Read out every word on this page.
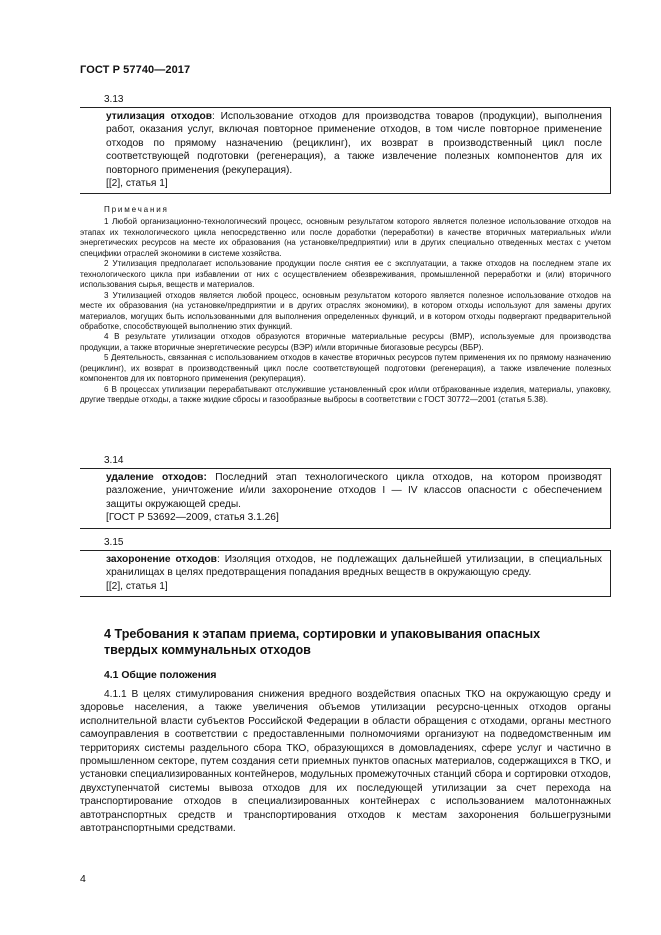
ГОСТ Р 57740—2017
3.13

утилизация отходов: Использование отходов для производства товаров (продукции), выполнения работ, оказания услуг, включая повторное применение отходов, в том числе повторное применение отходов по прямому назначению (рециклинг), их возврат в производственный цикл после соответствующей подготовки (регенерация), а также извлечение полезных компонентов для их повторного применения (рекуперация).

[[2], статья 1]

Примечания

1 Любой организационно-технологический процесс, основным результатом которого является полезное использование отходов на этапах их технологического цикла непосредственно или после доработки (переработки) в качестве вторичных материальных и/или энергетических ресурсов на месте их образования (на установке/предприятии) или в других специально отведенных местах с учетом специфики отраслей экономики в системе хозяйства.

2 Утилизация предполагает использование продукции после снятия ее с эксплуатации, а также отходов на последнем этапе их технологического цикла при избавлении от них с осуществлением обезвреживания, промышленной переработки и (или) вторичного использования сырья, веществ и материалов.

3 Утилизацией отходов является любой процесс, основным результатом которого является полезное использование отходов на месте их образования (на установке/предприятии и в других отраслях экономики), в котором отходы используют для замены других материалов, могущих быть использованными для выполнения определенных функций, и в котором отходы подвергают предварительной обработке, способствующей выполнению этих функций.

4 В результате утилизации отходов образуются вторичные материальные ресурсы (ВМР), используемые для производства продукции, а также вторичные энергетические ресурсы (ВЭР) и/или вторичные биогазовые ресурсы (ВБР).

5 Деятельность, связанная с использованием отходов в качестве вторичных ресурсов путем применения их по прямому назначению (рециклинг), их возврат в производственный цикл после соответствующей подготовки (регенерация), а также извлечение полезных компонентов для их повторного применения (рекуперация).

6 В процессах утилизации перерабатывают отслужившие установленный срок и/или отбракованные изделия, материалы, упаковку, другие твердые отходы, а также жидкие сбросы и газообразные выбросы в соответствии с ГОСТ 30772—2001 (статья 5.38).

3.14

удаление отходов: Последний этап технологического цикла отходов, на котором производят разложение, уничтожение и/или захоронение отходов I — IV классов опасности с обеспечением защиты окружающей среды.

[ГОСТ Р 53692—2009, статья 3.1.26]

3.15

захоронение отходов: Изоляция отходов, не подлежащих дальнейшей утилизации, в специальных хранилищах в целях предотвращения попадания вредных веществ в окружающую среду.

[[2], статья 1]

4 Требования к этапам приема, сортировки и упаковывания опасных твердых коммунальных отходов
4.1 Общие положения

4.1.1 В целях стимулирования снижения вредного воздействия опасных ТКО на окружающую среду и здоровье населения, а также увеличения объемов утилизации ресурсно-ценных отходов органы исполнительной власти субъектов Российской Федерации в области обращения с отходами, органы местного самоуправления в соответствии с предоставленными полномочиями организуют на подведомственным им территориях системы раздельного сбора ТКО, образующихся в домовладениях, сфере услуг и частично в промышленном секторе, путем создания сети приемных пунктов опасных материалов, содержащихся в ТКО, и установки специализированных контейнеров, модульных промежуточных станций сбора и сортировки отходов, двухступенчатой системы вывоза отходов для их последующей утилизации за счет перехода на транспортирование отходов в специализированных контейнерах с использованием малотоннажных автотранспортных средств и транспортирования отходов к местам захоронения большегрузными автотранспортными средствами.

4
